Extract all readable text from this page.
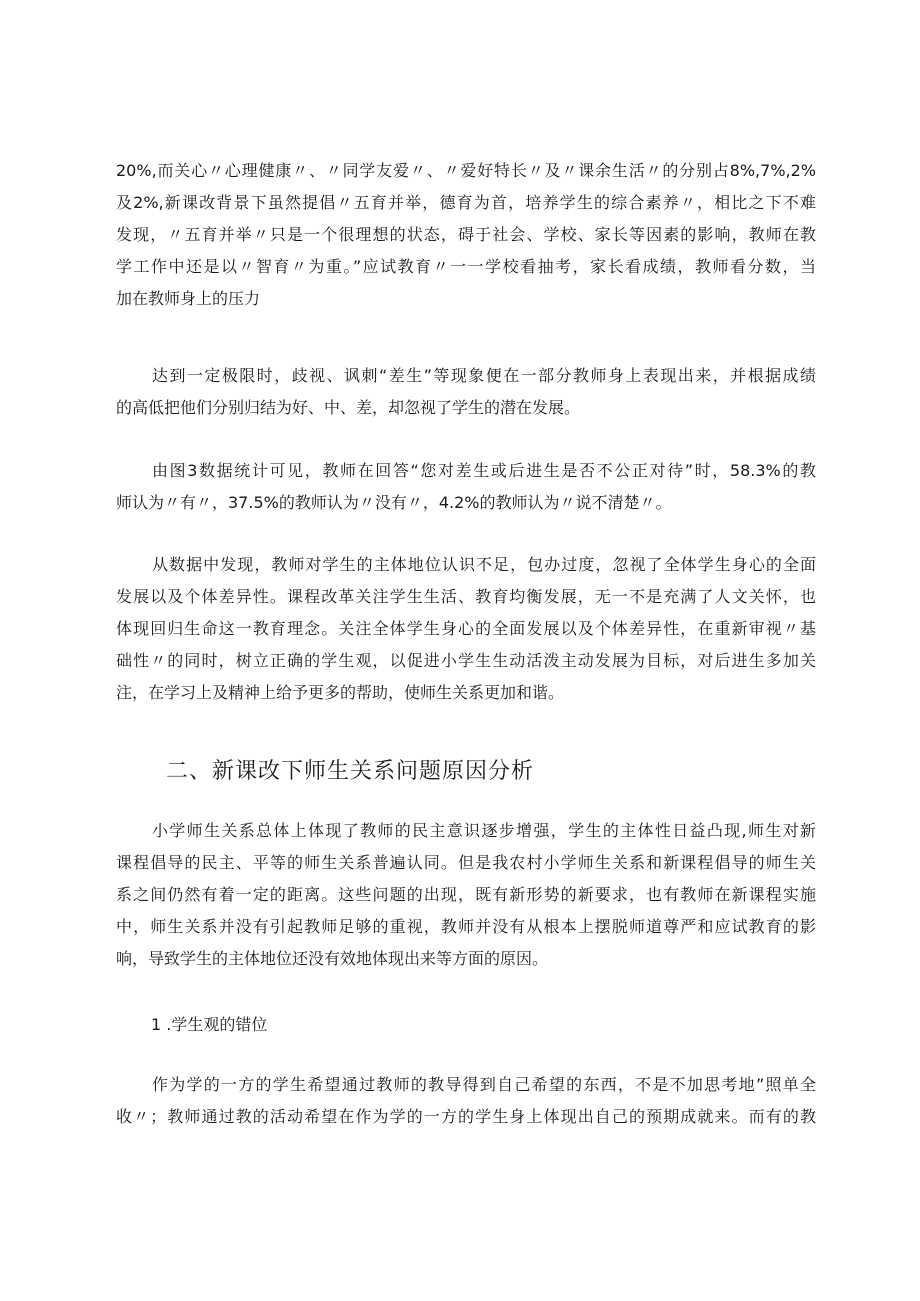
20%,而关心〃心理健康〃、〃同学友爱〃、〃爱好特长〃及〃课余生活〃的分别占8%,7%,2%
及2%,新课改背景下虽然提倡〃五育并举，德育为首，培养学生的综合素养〃，相比之下不难
发现，〃五育并举〃只是一个很理想的状态，碍于社会、学校、家长等因素的影响，教师在教
学工作中还是以〃智育〃为重。”应试教育〃一一学校看抽考，家长看成绩，教师看分数，当
加在教师身上的压力
达到一定极限时，歧视、讽刺“差生”等现象便在一部分教师身上表现出来，并根据成绩
的高低把他们分别归结为好、中、差，却忽视了学生的潜在发展。
由图3数据统计可见，教师在回答“您对差生或后进生是否不公正对待”时，58.3%的教
师认为〃有〃，37.5%的教师认为〃没有〃，4.2%的教师认为〃说不清楚〃。
从数据中发现，教师对学生的主体地位认识不足，包办过度，忽视了全体学生身心的全面
发展以及个体差异性。课程改革关注学生生活、教育均衡发展，无一不是充满了人文关怀，也
体现回归生命这一教育理念。关注全体学生身心的全面发展以及个体差异性，在重新审视〃基
础性〃的同时，树立正确的学生观，以促进小学生生动活泼主动发展为目标，对后进生多加关
注，在学习上及精神上给予更多的帮助，使师生关系更加和谐。
二、新课改下师生关系问题原因分析
小学师生关系总体上体现了教师的民主意识逐步增强，学生的主体性日益凸现,师生对新
课程倡导的民主、平等的师生关系普遍认同。但是我农村小学师生关系和新课程倡导的师生关
系之间仍然有着一定的距离。这些问题的出现，既有新形势的新要求，也有教师在新课程实施
中，师生关系并没有引起教师足够的重视，教师并没有从根本上摆脱师道尊严和应试教育的影
响，导致学生的主体地位还没有效地体现出来等方面的原因。
1 .学生观的错位
作为学的一方的学生希望通过教师的教导得到自己希望的东西，不是不加思考地”照单全
收〃；教师通过教的活动希望在作为学的一方的学生身上体现出自己的预期成就来。而有的教
